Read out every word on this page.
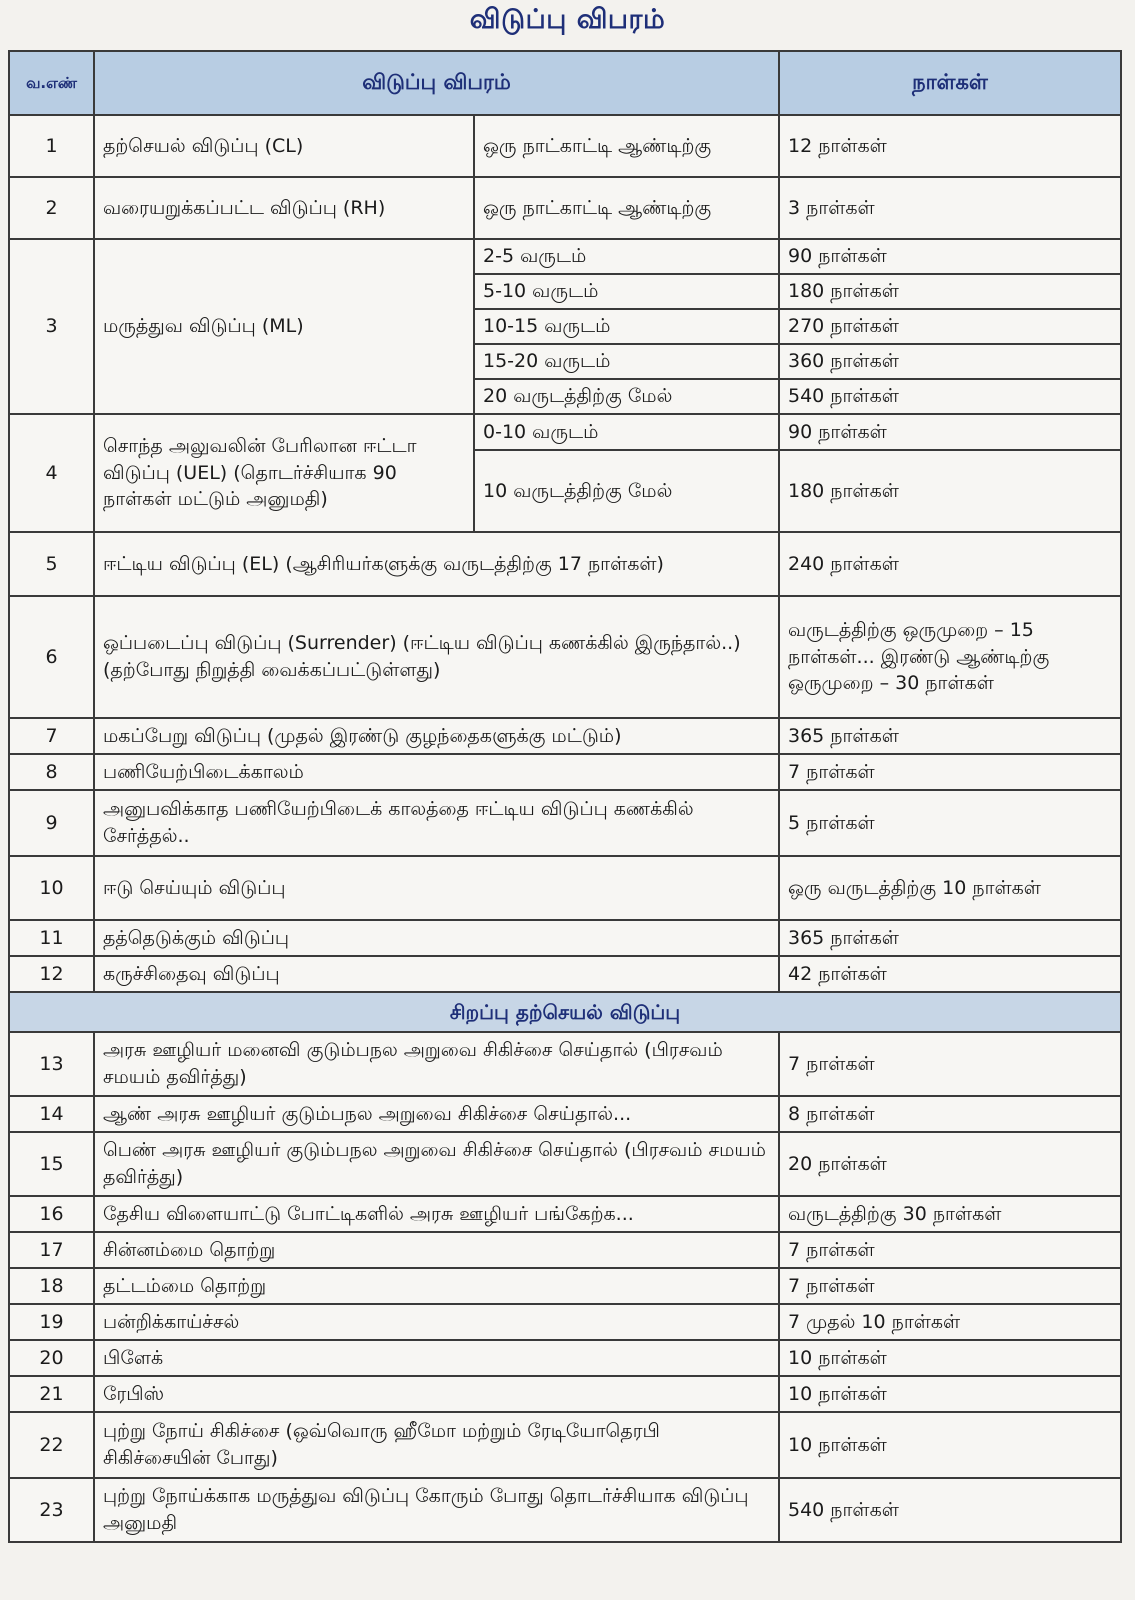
விடுப்பு விபரம்
வ.எண்	விடுப்பு விபரம்		நாள்கள்
1	தற்செயல் விடுப்பு (CL)	ஒரு நாட்காட்டி ஆண்டிற்கு	12 நாள்கள்
2	வரையறுக்கப்பட்ட விடுப்பு (RH)	ஒரு நாட்காட்டி ஆண்டிற்கு	3 நாள்கள்
3	மருத்துவ விடுப்பு (ML)	2-5 வருடம்	90 நாள்கள்
		5-10 வருடம்	180 நாள்கள்
		10-15 வருடம்	270 நாள்கள்
		15-20 வருடம்	360 நாள்கள்
		20 வருடத்திற்கு மேல்	540 நாள்கள்
4	சொந்த அலுவலின் பேரிலான ஈட்டா விடுப்பு (UEL) (தொடர்ச்சியாக 90 நாள்கள் மட்டும் அனுமதி)	0-10 வருடம்	90 நாள்கள்
		10 வருடத்திற்கு மேல்	180 நாள்கள்
5	ஈட்டிய விடுப்பு (EL) (ஆசிரியர்களுக்கு வருடத்திற்கு 17 நாள்கள்)		240 நாள்கள்
6	ஒப்படைப்பு விடுப்பு (Surrender) (ஈட்டிய விடுப்பு கணக்கில் இருந்தால்..) (தற்போது நிறுத்தி வைக்கப்பட்டுள்ளது)		வருடத்திற்கு ஒருமுறை – 15 நாள்கள்... இரண்டு ஆண்டிற்கு ஒருமுறை – 30 நாள்கள்
7	மகப்பேறு விடுப்பு (முதல் இரண்டு குழந்தைகளுக்கு மட்டும்)		365 நாள்கள்
8	பணியேற்பிடைக்காலம்		7 நாள்கள்
9	அனுபவிக்காத பணியேற்பிடைக் காலத்தை ஈட்டிய விடுப்பு கணக்கில் சேர்த்தல்..		5 நாள்கள்
10	ஈடு செய்யும் விடுப்பு		ஒரு வருடத்திற்கு 10 நாள்கள்
11	தத்தெடுக்கும் விடுப்பு		365 நாள்கள்
12	கருச்சிதைவு விடுப்பு		42 நாள்கள்
சிறப்பு தற்செயல் விடுப்பு			
13	அரசு ஊழியர் மனைவி குடும்பநல அறுவை சிகிச்சை செய்தால் (பிரசவம் சமயம் தவிர்த்து)		7 நாள்கள்
14	ஆண் அரசு ஊழியர் குடும்பநல அறுவை சிகிச்சை செய்தால்...		8 நாள்கள்
15	பெண் அரசு ஊழியர் குடும்பநல அறுவை சிகிச்சை செய்தால் (பிரசவம் சமயம் தவிர்த்து)		20 நாள்கள்
16	தேசிய விளையாட்டு போட்டிகளில் அரசு ஊழியர் பங்கேற்க...		வருடத்திற்கு 30 நாள்கள்
17	சின்னம்மை தொற்று		7 நாள்கள்
18	தட்டம்மை தொற்று		7 நாள்கள்
19	பன்றிக்காய்ச்சல்		7 முதல் 10 நாள்கள்
20	பிளேக்		10 நாள்கள்
21	ரேபிஸ்		10 நாள்கள்
22	புற்று நோய் சிகிச்சை (ஒவ்வொரு ஹீமோ மற்றும் ரேடியோதெரபி சிகிச்சையின் போது)		10 நாள்கள்
23	புற்று நோய்க்காக மருத்துவ விடுப்பு கோரும் போது தொடர்ச்சியாக விடுப்பு அனுமதி		540 நாள்கள்
